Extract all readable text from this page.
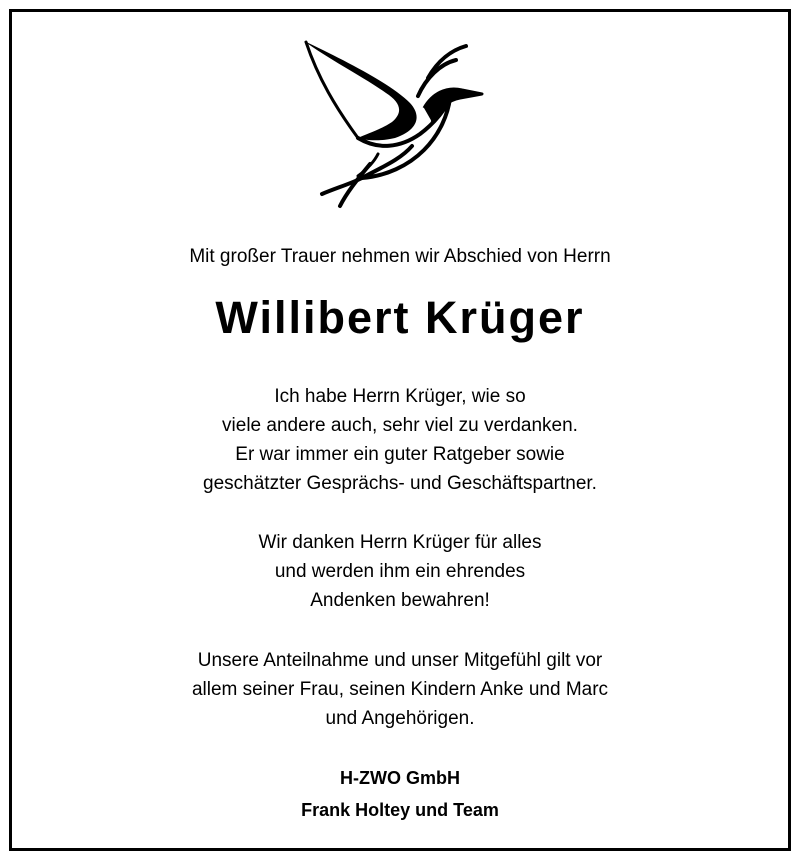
Mit großer Trauer nehmen wir Abschied von Herrn
Willibert Krüger
Ich habe Herrn Krüger, wie so
viele andere auch, sehr viel zu verdanken.
Er war immer ein guter Ratgeber sowie
geschätzter Gesprächs- und Geschäftspartner.
Wir danken Herrn Krüger für alles
und werden ihm ein ehrendes
Andenken bewahren!
Unsere Anteilnahme und unser Mitgefühl gilt vor
allem seiner Frau, seinen Kindern Anke und Marc
und Angehörigen.
H-ZWO GmbH
Frank Holtey und Team
